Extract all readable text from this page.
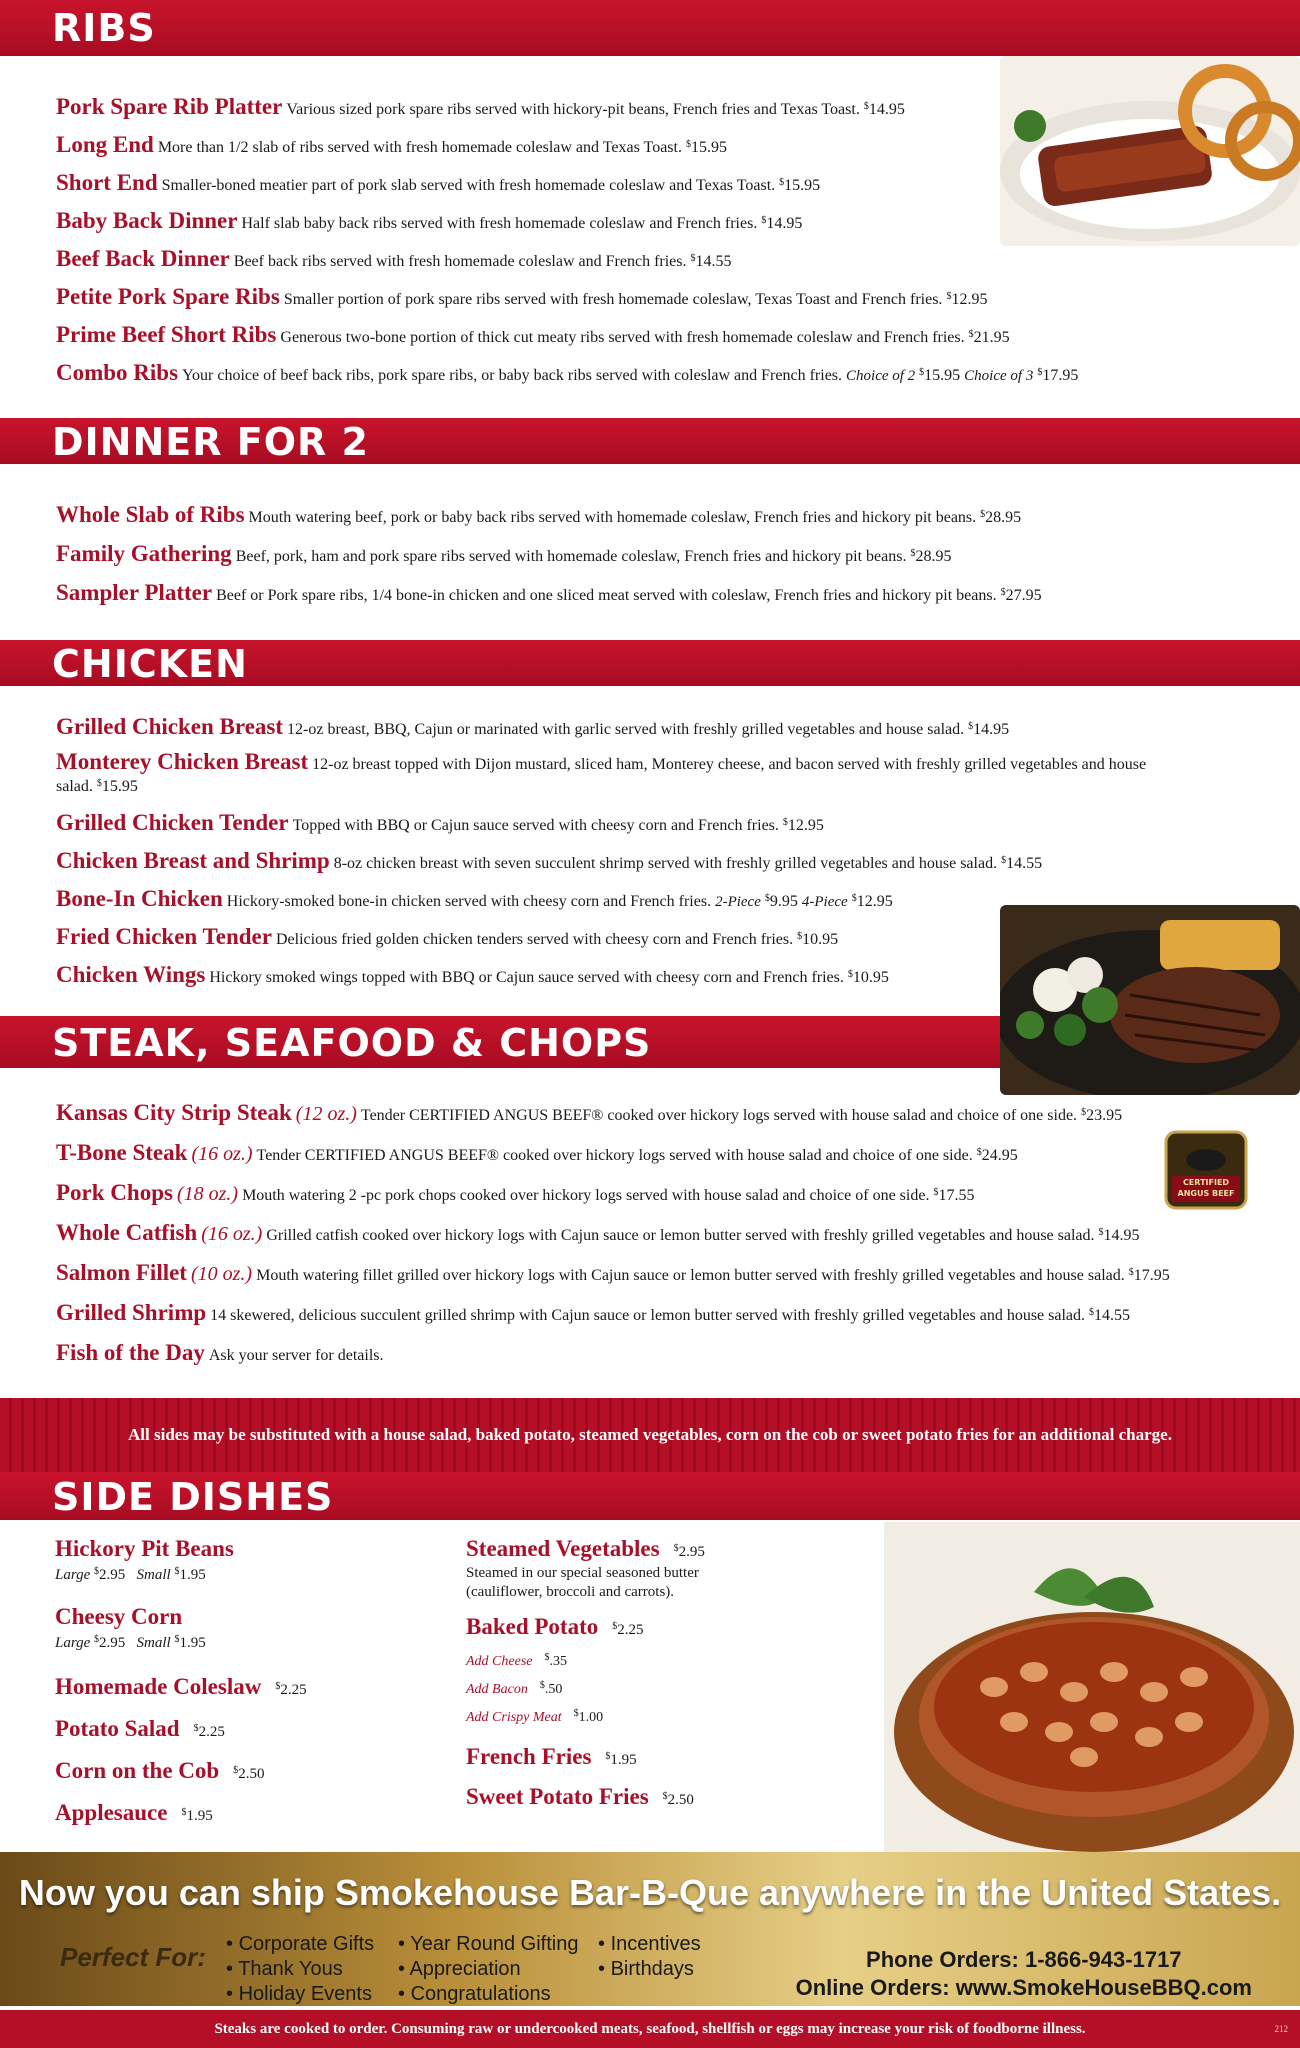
RIBS
Pork Spare Rib Platter Various sized pork spare ribs served with hickory-pit beans, French fries and Texas Toast. $14.95
Long End More than 1/2 slab of ribs served with fresh homemade coleslaw and Texas Toast. $15.95
Short End Smaller-boned meatier part of pork slab served with fresh homemade coleslaw and Texas Toast. $15.95
Baby Back Dinner Half slab baby back ribs served with fresh homemade coleslaw and French fries. $14.95
Beef Back Dinner Beef back ribs served with fresh homemade coleslaw and French fries. $14.55
Petite Pork Spare Ribs Smaller portion of pork spare ribs served with fresh homemade coleslaw, Texas Toast and French fries. $12.95
Prime Beef Short Ribs Generous two-bone portion of thick cut meaty ribs served with fresh homemade coleslaw and French fries. $21.95
Combo Ribs Your choice of beef back ribs, pork spare ribs, or baby back ribs served with coleslaw and French fries. Choice of 2 $15.95 Choice of 3 $17.95
DINNER FOR 2
Whole Slab of Ribs Mouth watering beef, pork or baby back ribs served with homemade coleslaw, French fries and hickory pit beans. $28.95
Family Gathering Beef, pork, ham and pork spare ribs served with homemade coleslaw, French fries and hickory pit beans. $28.95
Sampler Platter Beef or Pork spare ribs, 1/4 bone-in chicken and one sliced meat served with coleslaw, French fries and hickory pit beans. $27.95
CHICKEN
Grilled Chicken Breast 12-oz breast, BBQ, Cajun or marinated with garlic served with freshly grilled vegetables and house salad. $14.95
Monterey Chicken Breast 12-oz breast topped with Dijon mustard, sliced ham, Monterey cheese, and bacon served with freshly grilled vegetables and house salad. $15.95
Grilled Chicken Tender Topped with BBQ or Cajun sauce served with cheesy corn and French fries. $12.95
Chicken Breast and Shrimp 8-oz chicken breast with seven succulent shrimp served with freshly grilled vegetables and house salad. $14.55
Bone-In Chicken Hickory-smoked bone-in chicken served with cheesy corn and French fries. 2-Piece $9.95 4-Piece $12.95
Fried Chicken Tender Delicious fried golden chicken tenders served with cheesy corn and French fries. $10.95
Chicken Wings Hickory smoked wings topped with BBQ or Cajun sauce served with cheesy corn and French fries. $10.95
STEAK, SEAFOOD & CHOPS
Kansas City Strip Steak (12 oz.) Tender CERTIFIED ANGUS BEEF® cooked over hickory logs served with house salad and choice of one side. $23.95
T-Bone Steak (16 oz.) Tender CERTIFIED ANGUS BEEF® cooked over hickory logs served with house salad and choice of one side. $24.95
CERTIFIED
ANGUS BEEF
Pork Chops (18 oz.) Mouth watering 2 -pc pork chops cooked over hickory logs served with house salad and choice of one side. $17.55
Whole Catfish (16 oz.) Grilled catfish cooked over hickory logs with Cajun sauce or lemon butter served with freshly grilled vegetables and house salad. $14.95
Salmon Fillet (10 oz.) Mouth watering fillet grilled over hickory logs with Cajun sauce or lemon butter served with freshly grilled vegetables and house salad. $17.95
Grilled Shrimp 14 skewered, delicious succulent grilled shrimp with Cajun sauce or lemon butter served with freshly grilled vegetables and house salad. $14.55
Fish of the Day Ask your server for details.
All sides may be substituted with a house salad, baked potato, steamed vegetables, corn on the cob or sweet potato fries for an additional charge.
SIDE DISHES
Hickory Pit Beans
Large $2.95 Small $1.95
Cheesy Corn
Large $2.95 Small $1.95
Homemade Coleslaw $2.25
Potato Salad $2.25
Corn on the Cob $2.50
Applesauce $1.95
Steamed Vegetables $2.95
Steamed in our special seasoned butter
(cauliflower, broccoli and carrots).
Baked Potato $2.25
Add Cheese $.35
Add Bacon $.50
Add Crispy Meat $1.00
French Fries $1.95
Sweet Potato Fries $2.50
Now you can ship Smokehouse Bar-B-Que anywhere in the United States.
Perfect For:
•	Corporate Gifts
• Thank Yous
• Holiday Events
• Year Round Gifting
• Appreciation
• Congratulations
• Incentives
• Birthdays	Phone Orders: 1-866-943-1717
Online Orders: www.SmokeHouseBBQ.com
Steaks are cooked to order. Consuming raw or undercooked meats, seafood, shellfish or eggs may increase your risk of foodborne illness.	212
